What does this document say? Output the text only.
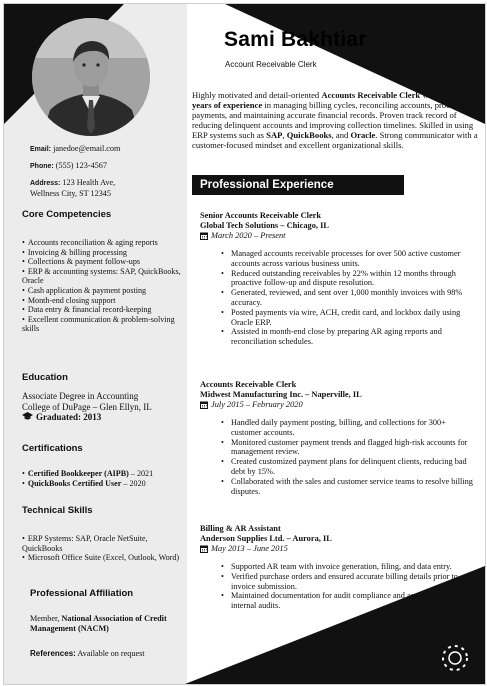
Sami Bakhtiar
Account Receivable Clerk
Highly motivated and detail-oriented Accounts Receivable Clerk with over 8 years of experience in managing billing cycles, reconciling accounts, processing payments, and maintaining accurate financial records. Proven track record of reducing delinquent accounts and improving collection timelines. Skilled in using ERP systems such as SAP, QuickBooks, and Oracle. Strong communicator with a customer-focused mindset and excellent organizational skills.
Email: janedoe@email.com
Phone: (555) 123-4567
Address: 123 Health Ave,
Wellness City, ST 12345
Core Competencies
• Accounts reconciliation & aging reports
• Invoicing & billing processing
• Collections & payment follow-ups
• ERP & accounting systems: SAP, QuickBooks, Oracle
• Cash application & payment posting
• Month-end closing support
• Data entry & financial record-keeping
• Excellent communication & problem-solving skills
Education
Associate Degree in Accounting
College of DuPage – Glen Ellyn, IL
Graduated: 2013
Certifications
• Certified Bookkeeper (AIPB) – 2021
• QuickBooks Certified User – 2020
Technical Skills
• ERP Systems: SAP, Oracle NetSuite, QuickBooks
• Microsoft Office Suite (Excel, Outlook, Word)
Professional Affiliation
Member, National Association of Credit Management (NACM)
References: Available on request
Professional Experience
Senior Accounts Receivable Clerk
Global Tech Solutions – Chicago, IL
March 2020 – Present
• Managed accounts receivable processes for over 500 active customer accounts across various business units.
• Reduced outstanding receivables by 22% within 12 months through proactive follow-up and dispute resolution.
• Generated, reviewed, and sent over 1,000 monthly invoices with 98% accuracy.
• Posted payments via wire, ACH, credit card, and lockbox daily using Oracle ERP.
• Assisted in month-end close by preparing AR aging reports and reconciliation schedules.
Accounts Receivable Clerk
Midwest Manufacturing Inc. – Naperville, IL
July 2015 – February 2020
• Handled daily payment posting, billing, and collections for 300+ customer accounts.
• Monitored customer payment trends and flagged high-risk accounts for management review.
• Created customized payment plans for delinquent clients, reducing bad debt by 15%.
• Collaborated with the sales and customer service teams to resolve billing disputes.
Billing & AR Assistant
Anderson Supplies Ltd. – Aurora, IL
May 2013 – June 2015
• Supported AR team with invoice generation, filing, and data entry.
• Verified purchase orders and ensured accurate billing details prior to invoice submission.
• Maintained documentation for audit compliance and assisted during internal audits.
